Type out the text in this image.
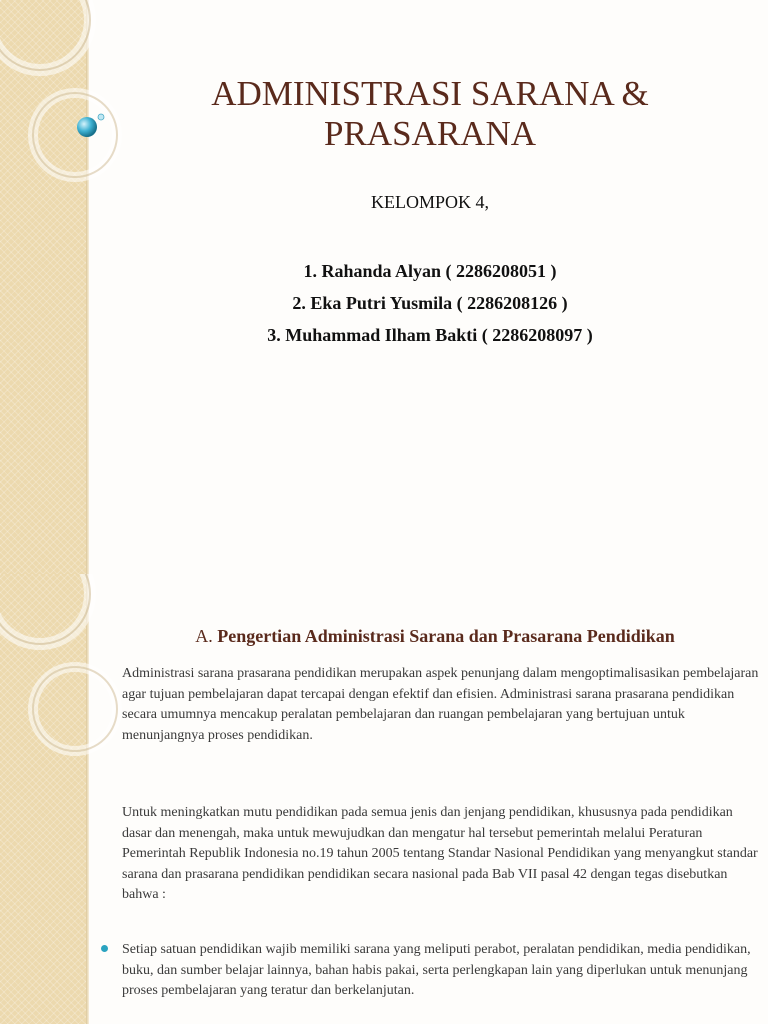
ADMINISTRASI SARANA &
PRASARANA
KELOMPOK 4,
1. Rahanda Alyan ( 2286208051 )
2. Eka Putri Yusmila ( 2286208126 )
3. Muhammad Ilham Bakti ( 2286208097 )
A. Pengertian Administrasi Sarana dan Prasarana Pendidikan

Administrasi sarana prasarana pendidikan merupakan aspek penunjang dalam mengoptimalisasikan pembelajaran agar tujuan pembelajaran dapat tercapai dengan efektif dan efisien. Administrasi sarana prasarana pendidikan secara umumnya mencakup peralatan pembelajaran dan ruangan pembelajaran yang bertujuan untuk menunjangnya proses pendidikan.

Untuk meningkatkan mutu pendidikan pada semua jenis dan jenjang pendidikan, khususnya pada pendidikan dasar dan menengah, maka untuk mewujudkan dan mengatur hal tersebut pemerintah melalui Peraturan Pemerintah Republik Indonesia no.19 tahun 2005 tentang Standar Nasional Pendidikan yang menyangkut standar sarana dan prasarana pendidikan pendidikan secara nasional pada Bab VII pasal 42 dengan tegas disebutkan bahwa :

Setiap satuan pendidikan wajib memiliki sarana yang meliputi perabot, peralatan pendidikan, media pendidikan, buku, dan sumber belajar lainnya, bahan habis pakai, serta perlengkapan lain yang diperlukan untuk menunjang proses pembelajaran yang teratur dan berkelanjutan.
